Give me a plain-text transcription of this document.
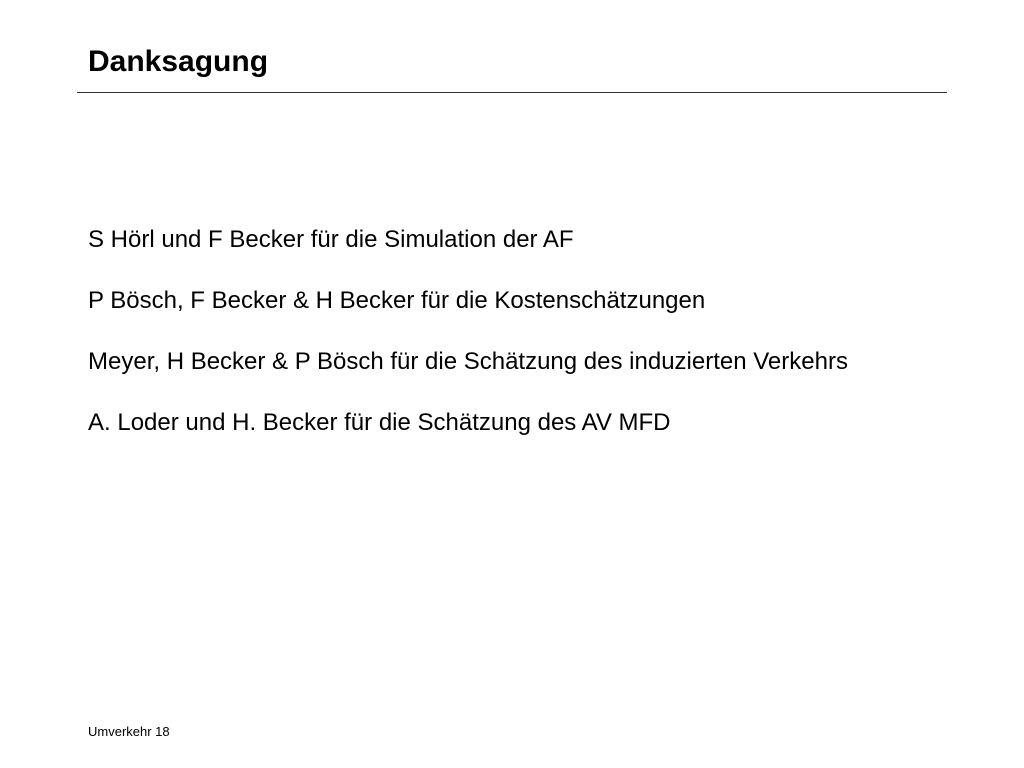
Danksagung

S Hörl und F Becker für die Simulation der AF

P Bösch, F Becker & H Becker für die Kostenschätzungen

Meyer, H Becker & P Bösch für die Schätzung des induzierten Verkehrs

A. Loder und H. Becker für die Schätzung des AV MFD

Umverkehr 18
